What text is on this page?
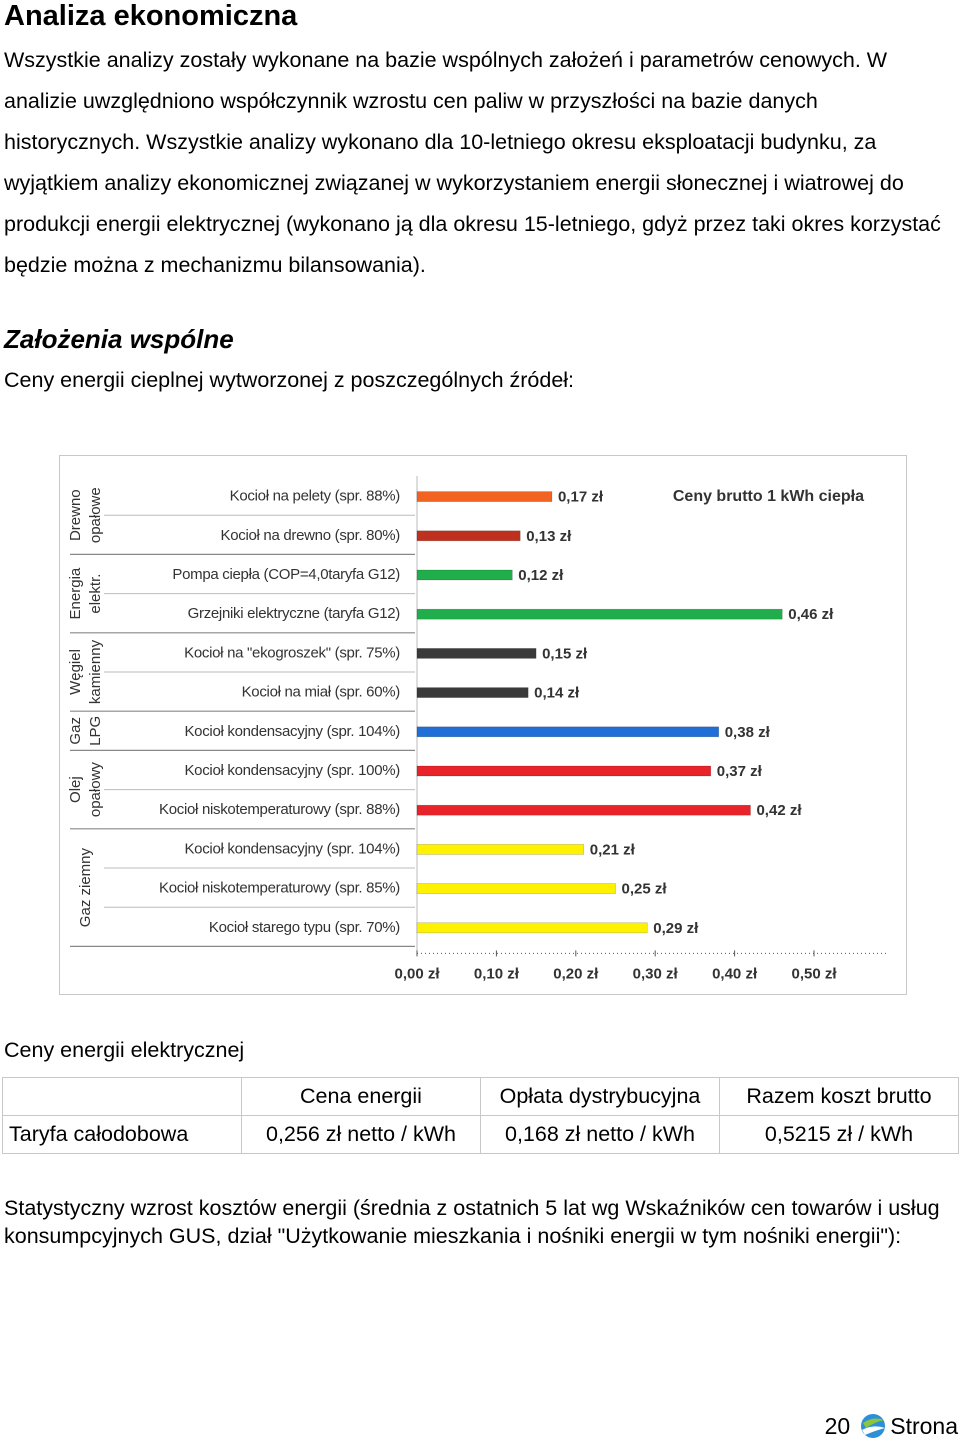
Analiza ekonomiczna

Wszystkie analizy zostały wykonane na bazie wspólnych założeń i parametrów cenowych. W analizie uwzględniono współczynnik wzrostu cen paliw w przyszłości na bazie danych historycznych. Wszystkie analizy wykonano dla 10-letniego okresu eksploatacji budynku, za wyjątkiem analizy ekonomicznej związanej w wykorzystaniem energii słonecznej i wiatrowej do produkcji energii elektrycznej (wykonano ją dla okresu 15-letniego, gdyż przez taki okres korzystać będzie można z mechanizmu bilansowania).

Założenia wspólne

Ceny energii cieplnej wytworzonej z poszczególnych źródeł:

Drewno opałowe
Energia elektr.
Węgiel kamienny
Gaz LPG
Olej opałowy
Gaz ziemny
Kocioł na pelety (spr. 88%)	0,17 zł
Kocioł na drewno (spr. 80%)	0,13 zł
Pompa ciepła (COP=4,0taryfa G12)	0,12 zł
Grzejniki elektryczne (taryfa G12)	0,46 zł
Kocioł na "ekogroszek" (spr. 75%)	0,15 zł
Kocioł na miał (spr. 60%)	0,14 zł
Kocioł kondensacyjny (spr. 104%)	0,38 zł
Kocioł kondensacyjny (spr. 100%)	0,37 zł
Kocioł niskotemperaturowy (spr. 88%)	0,42 zł
Kocioł kondensacyjny (spr. 104%)	0,21 zł
Kocioł niskotemperaturowy (spr. 85%)	0,25 zł
Kocioł starego typu (spr. 70%)	0,29 zł
0,00 zł 0,10 zł 0,20 zł 0,30 zł 0,40 zł 0,50 zł
Ceny brutto 1 kWh ciepła

Ceny energii elektrycznej

	Cena energii	Opłata dystrybucyjna	Razem koszt brutto
Taryfa całodobowa	0,256 zł netto / kWh	0,168 zł netto / kWh	0,5215 zł / kWh

Statystyczny wzrost kosztów energii (średnia z ostatnich 5 lat wg Wskaźników cen towarów i usług konsumpcyjnych GUS, dział "Użytkowanie mieszkania i nośniki energii w tym nośniki energii"):

20 Strona
